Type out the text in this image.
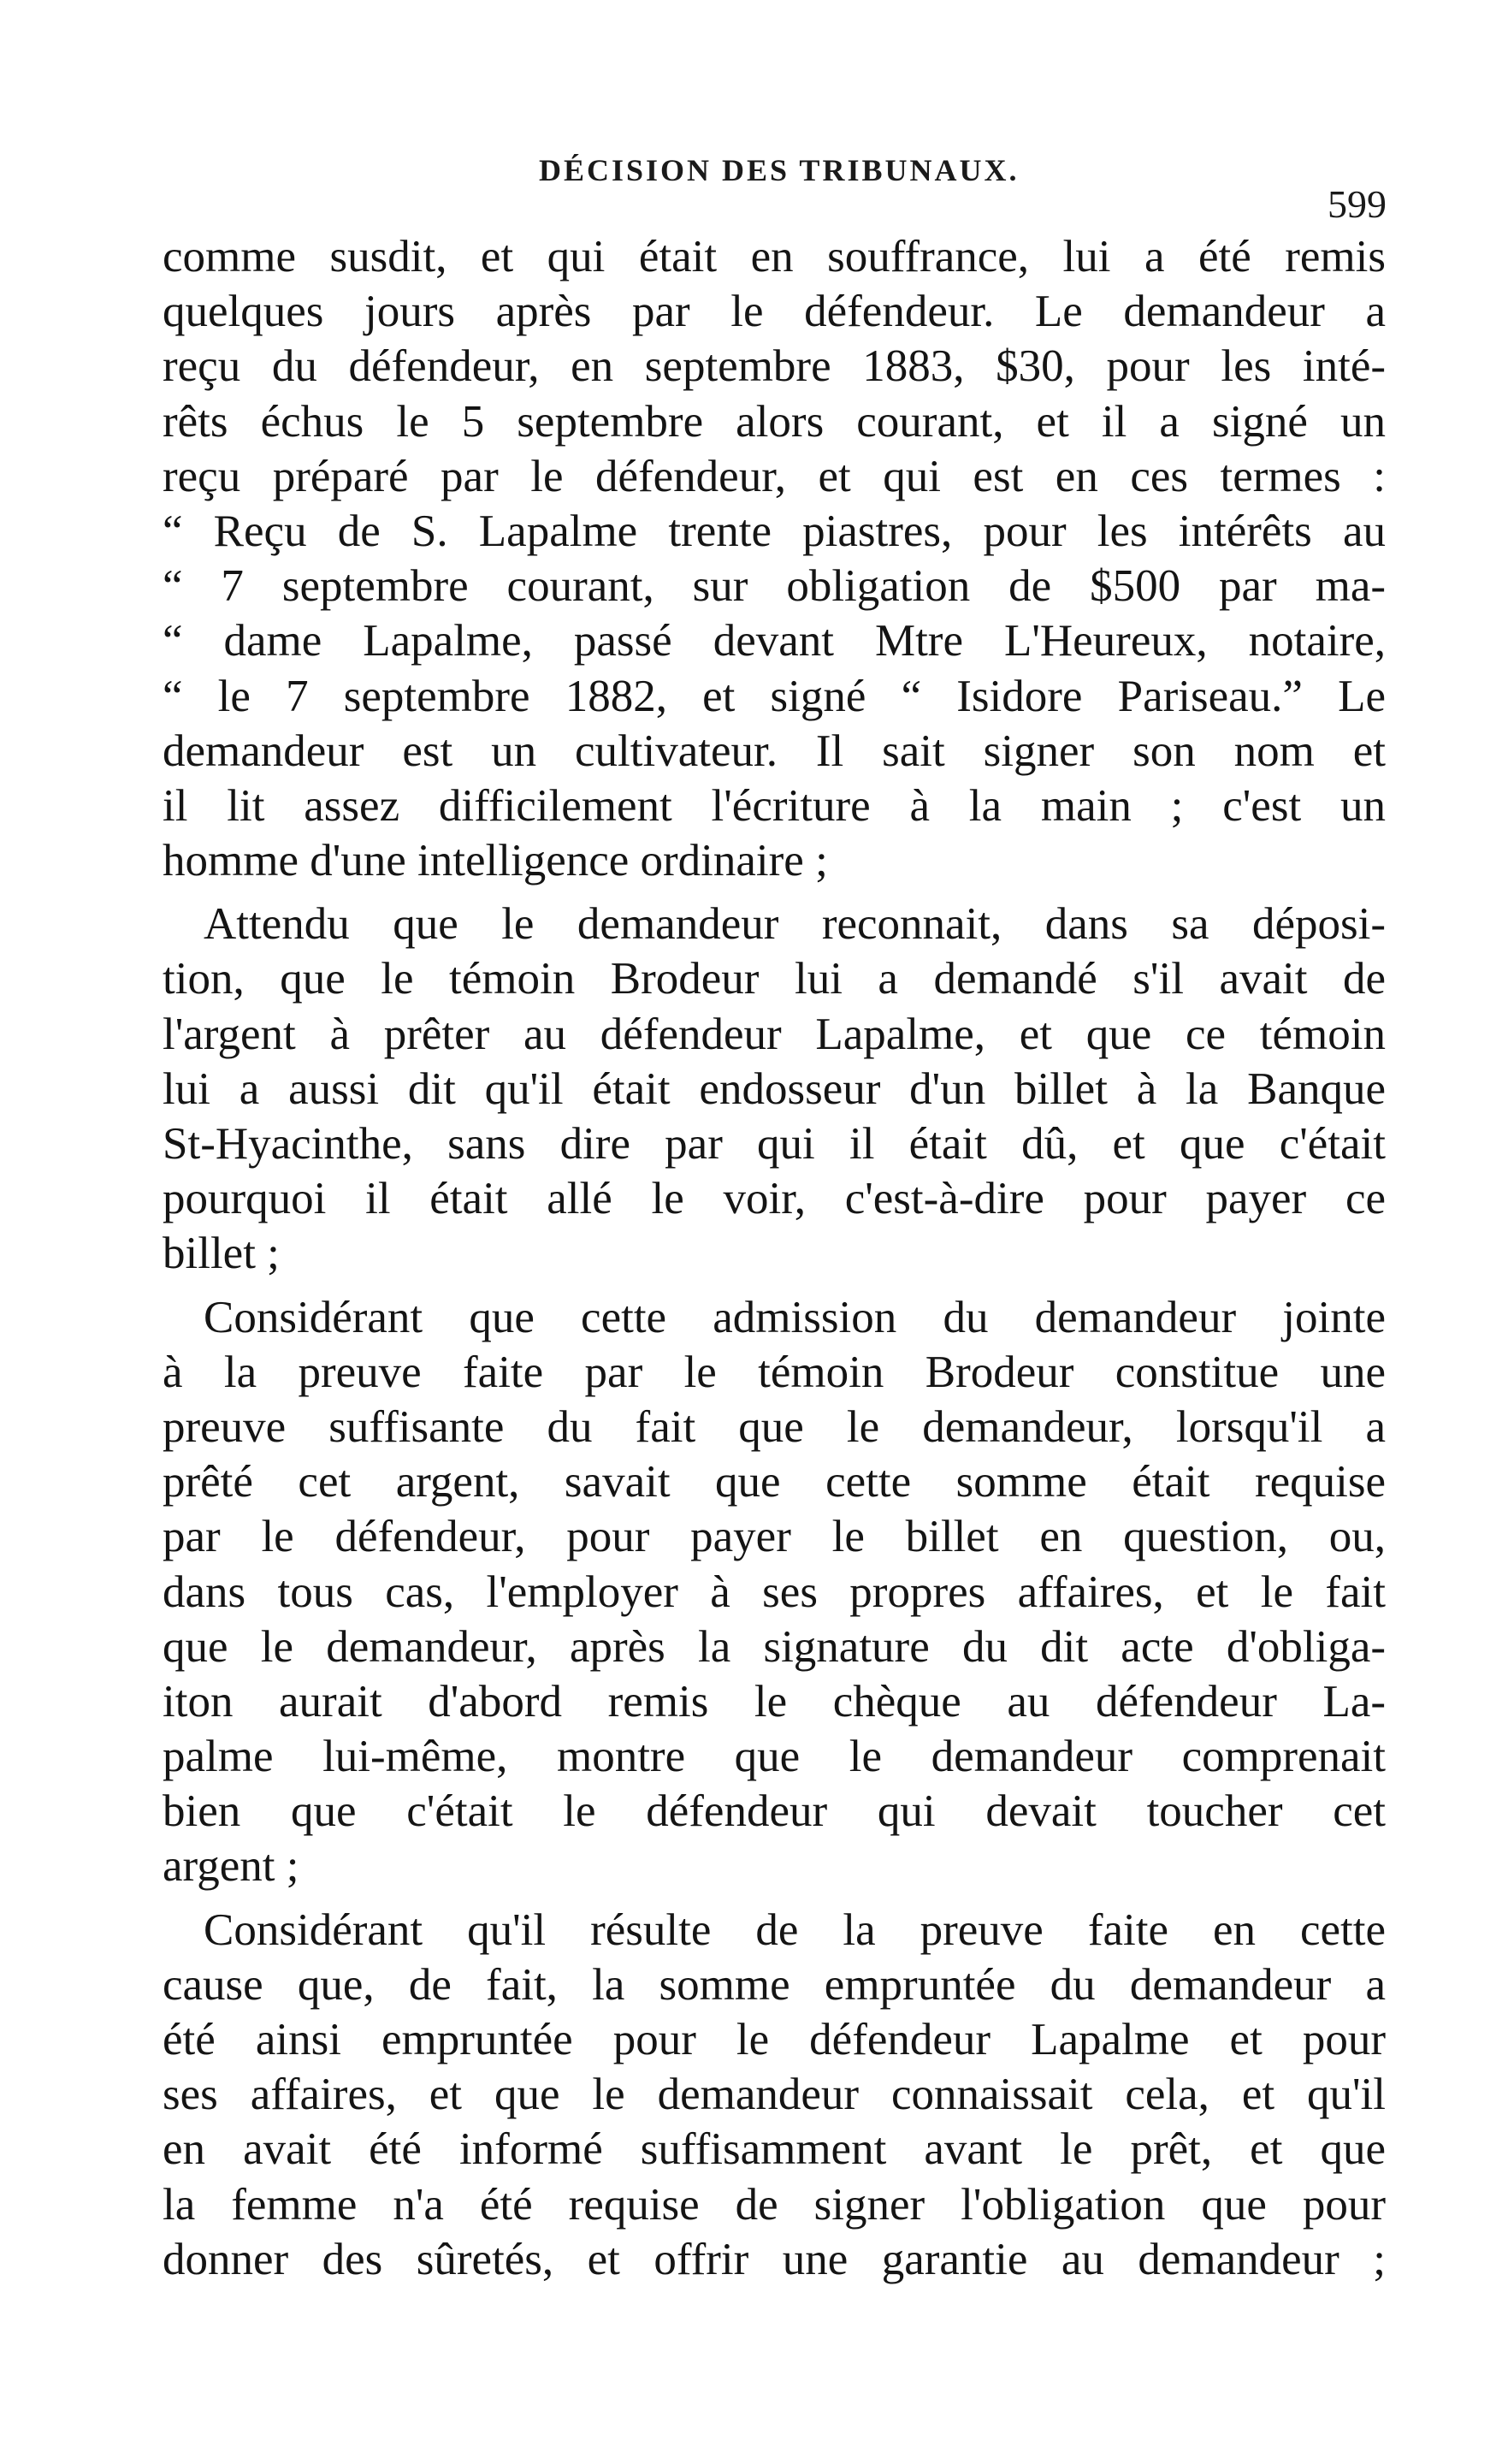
DÉCISION DES TRIBUNAUX.
599
comme susdit, et qui était en souffrance, lui a été remis
quelques jours après par le défendeur. Le demandeur a
reçu du défendeur, en septembre 1883, $30, pour les inté-
rêts échus le 5 septembre alors courant, et il a signé un
reçu préparé par le défendeur, et qui est en ces termes :
“ Reçu de S. Lapalme trente piastres, pour les intérêts au
“ 7 septembre courant, sur obligation de $500 par ma-
“ dame Lapalme, passé devant Mtre L'Heureux, notaire,
“ le 7 septembre 1882, et signé “ Isidore Pariseau.” Le
demandeur est un cultivateur. Il sait signer son nom et
il lit assez difficilement l'écriture à la main ; c'est un
homme d'une intelligence ordinaire ;
Attendu que le demandeur reconnait, dans sa déposi-
tion, que le témoin Brodeur lui a demandé s'il avait de
l'argent à prêter au défendeur Lapalme, et que ce témoin
lui a aussi dit qu'il était endosseur d'un billet à la Banque
St-Hyacinthe, sans dire par qui il était dû, et que c'était
pourquoi il était allé le voir, c'est-à-dire pour payer ce
billet ;
Considérant que cette admission du demandeur jointe
à la preuve faite par le témoin Brodeur constitue une
preuve suffisante du fait que le demandeur, lorsqu'il a
prêté cet argent, savait que cette somme était requise
par le défendeur, pour payer le billet en question, ou,
dans tous cas, l'employer à ses propres affaires, et le fait
que le demandeur, après la signature du dit acte d'obliga-
iton aurait d'abord remis le chèque au défendeur La-
palme lui-même, montre que le demandeur comprenait
bien que c'était le défendeur qui devait toucher cet
argent ;
Considérant qu'il résulte de la preuve faite en cette
cause que, de fait, la somme empruntée du demandeur a
été ainsi empruntée pour le défendeur Lapalme et pour
ses affaires, et que le demandeur connaissait cela, et qu'il
en avait été informé suffisamment avant le prêt, et que
la femme n'a été requise de signer l'obligation que pour
donner des sûretés, et offrir une garantie au demandeur ;
